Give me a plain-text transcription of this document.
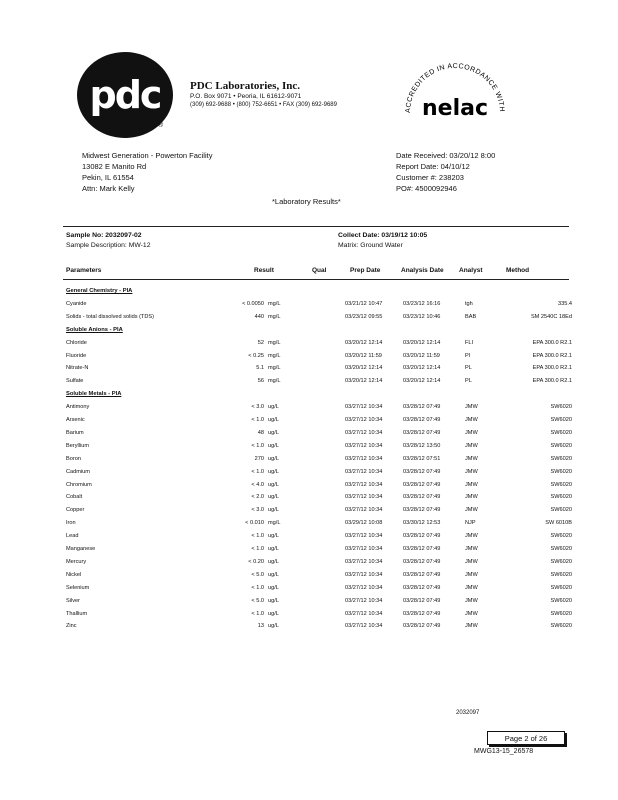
pdc
®
PDC Laboratories, Inc.
P.O. Box 9071 • Peoria, IL 61612-9071
(309) 692-9688 • (800) 752-6651 • FAX (309) 692-9689
ACCREDITED IN ACCORDANCE WITH
nelac
Midwest Generation - Powerton Facility
13082 E Manito Rd
Pekin, IL 61554
Attn: Mark Kelly
Date Received: 03/20/12 8:00
Report Date: 04/10/12
Customer #: 238203
PO#: 4500092946
*Laboratory Results*
Sample No: 2032097-02
Sample Description: MW-12
Collect Date: 03/19/12 10:05
Matrix: Ground Water
Parameters	Result	Qual	Prep Date	Analysis Date Analyst	Method
General Chemistry - PIA
Cyanide	< 0.0050 mg/L	03/21/12 10:47	03/23/12 16:16	tgh	335.4
Solids - total dissolved solids (TDS)	440 mg/L	03/23/12 09:55	03/23/12 10:46	BAB	SM 2540C 18Ed
Soluble Anions - PIA
Chloride	52 mg/L	03/20/12 12:14	03/20/12 12:14	FLI	EPA 300.0 R2.1
Fluoride	< 0.25 mg/L	03/20/12 11:59	03/20/12 11:59	PI	EPA 300.0 R2.1
Nitrate-N	5.1 mg/L	03/20/12 12:14	03/20/12 12:14	PL	EPA 300.0 R2.1
Sulfate	56 mg/L	03/20/12 12:14	03/20/12 12:14	PL	EPA 300.0 R2.1
Soluble Metals - PIA
Antimony	< 3.0 ug/L	03/27/12 10:34	03/28/12 07:49	JMW	SW6020
Arsenic	< 1.0 ug/L	03/27/12 10:34	03/28/12 07:49	JMW	SW6020
Barium	48 ug/L	03/27/12 10:34	03/28/12 07:49	JMW	SW6020
Beryllium	< 1.0 ug/L	03/27/12 10:34	03/28/12 13:50	JMW	SW6020
Boron	270 ug/L	03/27/12 10:34	03/28/12 07:51	JMW	SW6020
Cadmium	< 1.0 ug/L	03/27/12 10:34	03/28/12 07:49	JMW	SW6020
Chromium	< 4.0 ug/L	03/27/12 10:34	03/28/12 07:49	JMW	SW6020
Cobalt	< 2.0 ug/L	03/27/12 10:34	03/28/12 07:49	JMW	SW6020
Copper	< 3.0 ug/L	03/27/12 10:34	03/28/12 07:49	JMW	SW6020
Iron	< 0.010 mg/L	03/29/12 10:08	03/30/12 12:53	NJP	SW 6010B
Lead	< 1.0 ug/L	03/27/12 10:34	03/28/12 07:49	JMW	SW6020
Manganese	< 1.0 ug/L	03/27/12 10:34	03/28/12 07:49	JMW	SW6020
Mercury	< 0.20 ug/L	03/27/12 10:34	03/28/12 07:49	JMW	SW6020
Nickel	< 5.0 ug/L	03/27/12 10:34	03/28/12 07:49	JMW	SW6020
Selenium	< 1.0 ug/L	03/27/12 10:34	03/28/12 07:49	JMW	SW6020
Silver	< 5.0 ug/L	03/27/12 10:34	03/28/12 07:49	JMW	SW6020
Thallium	< 1.0 ug/L	03/27/12 10:34	03/28/12 07:49	JMW	SW6020
Zinc	13 ug/L	03/27/12 10:34	03/28/12 07:49	JMW	SW6020
2032097
Page 2 of 26
MWG13-15_26578
